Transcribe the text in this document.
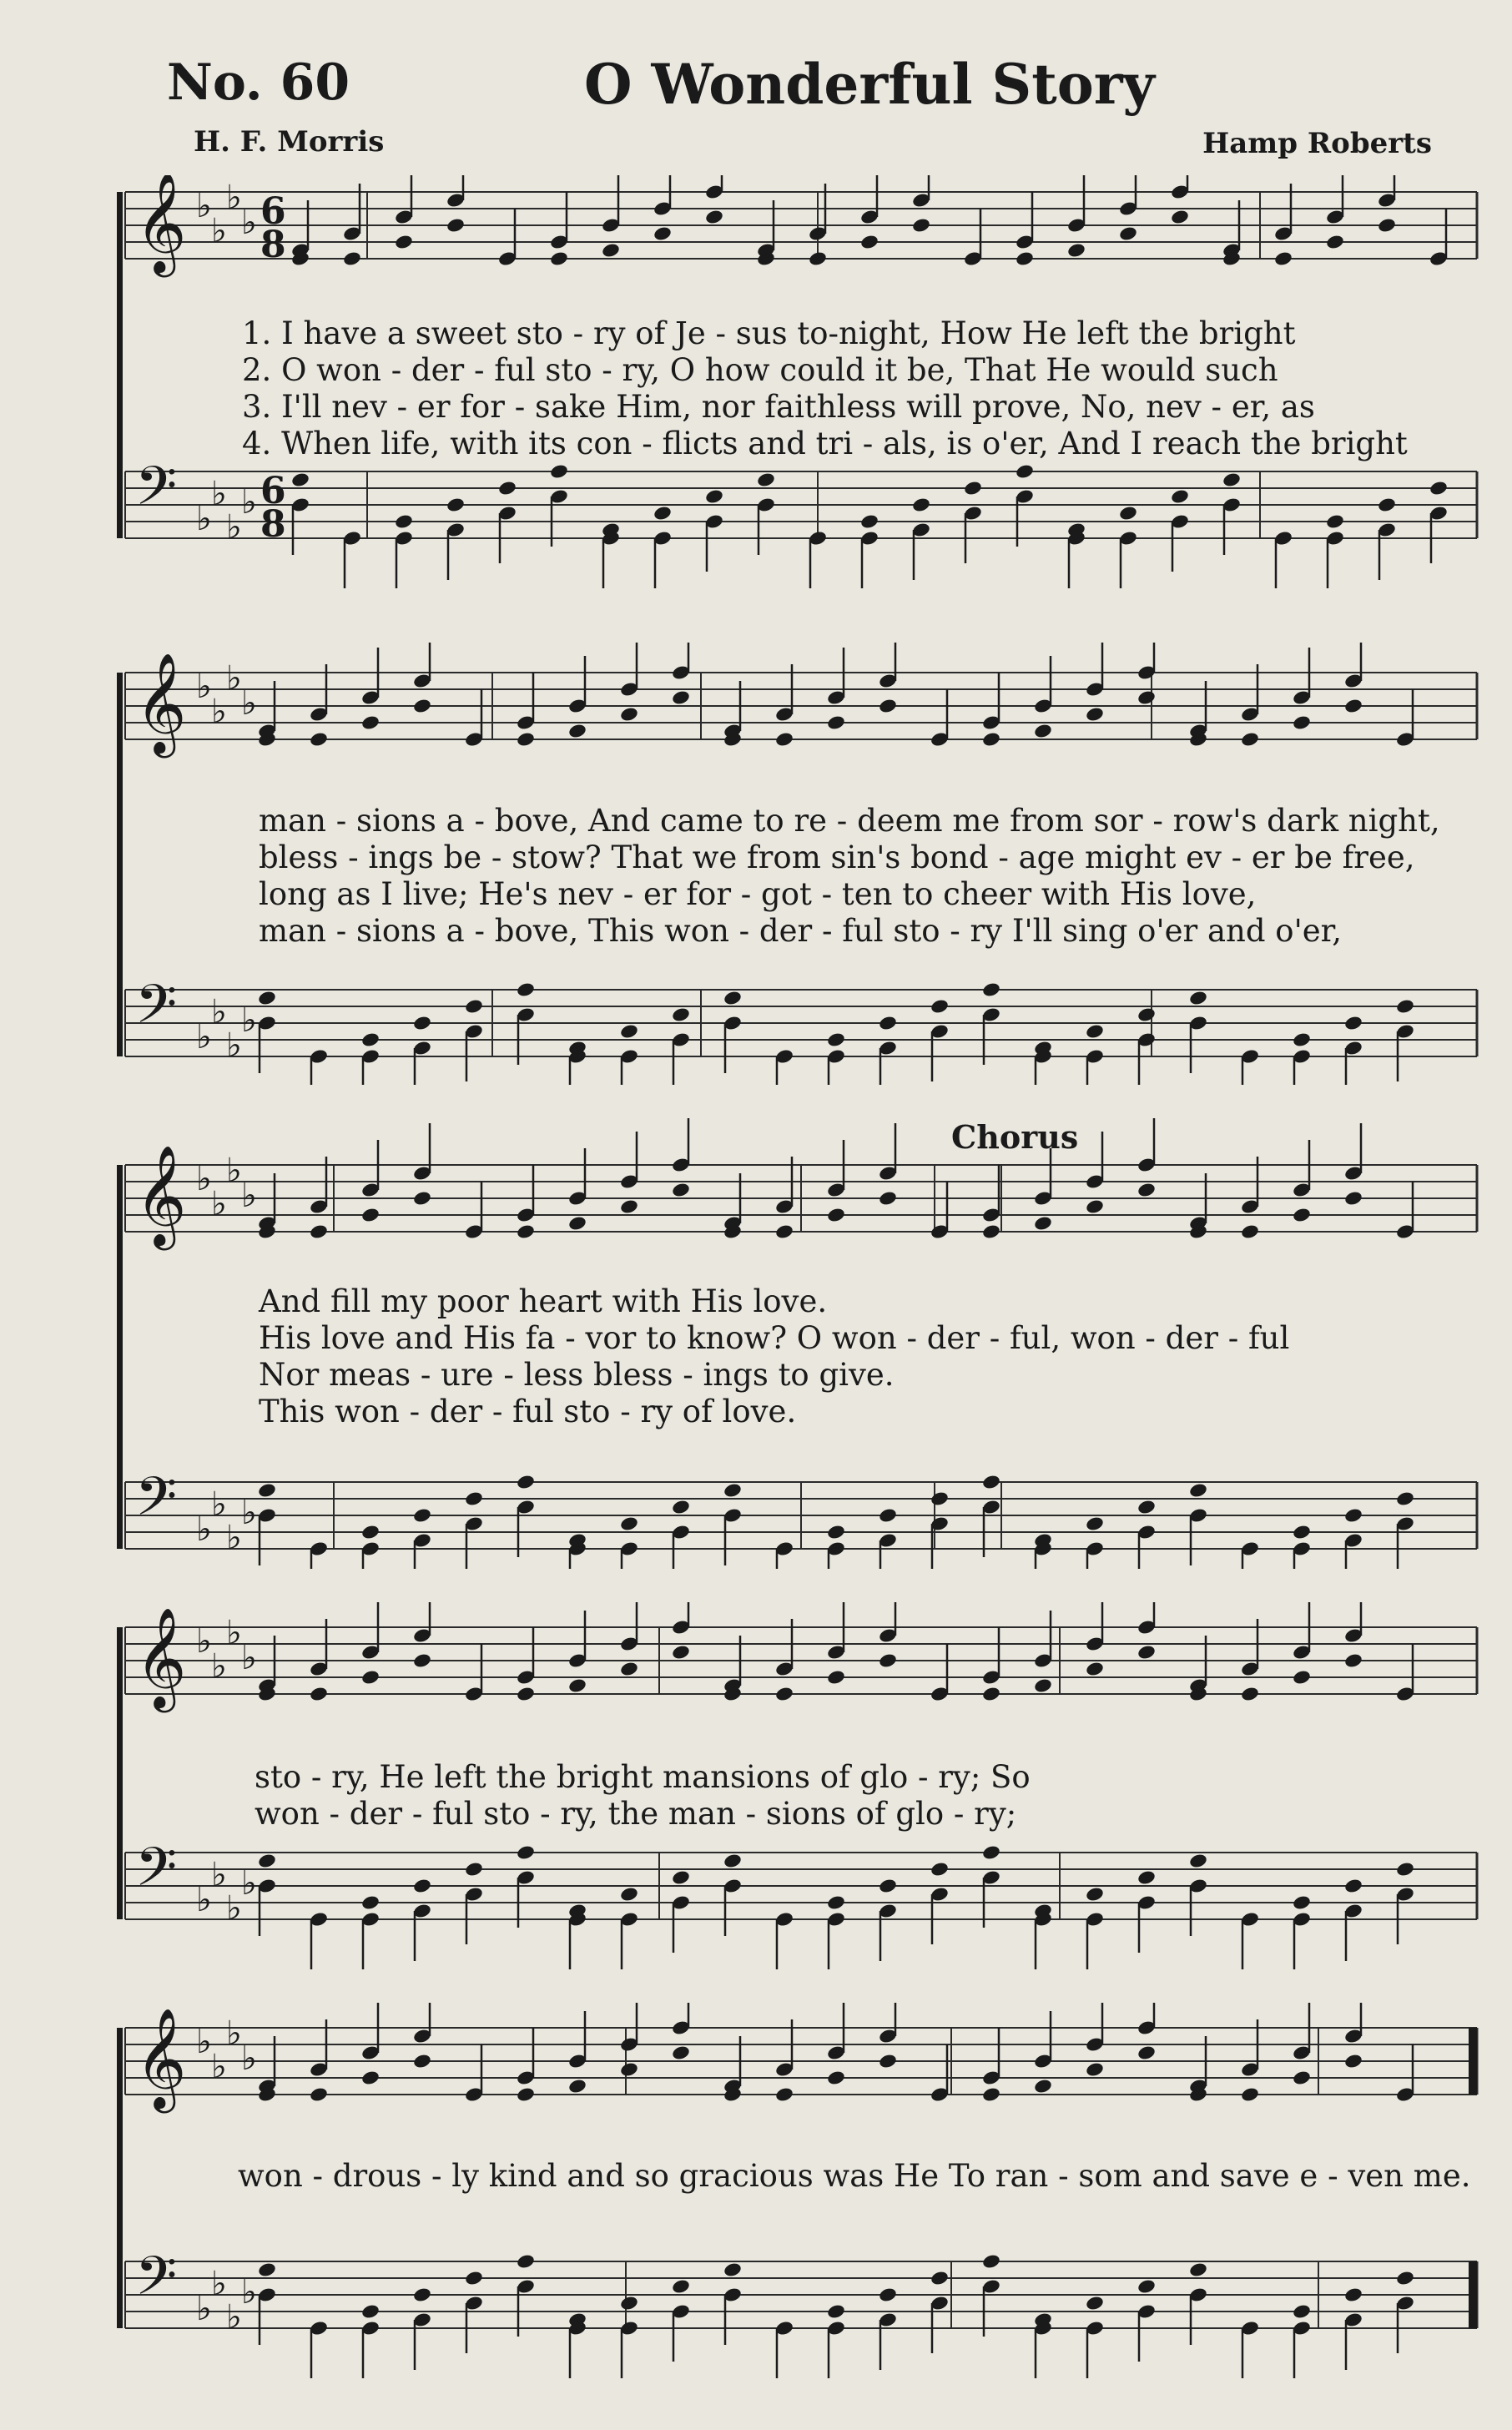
No. 60	O Wonderful Story
H. F. Morris	Hamp Roberts
𝄞 ♭
♭
♭
♭
𝄢 ♭
♭
♭
♭
6
8
6
8
1. I have a sweet sto - ry of Je - sus to-night, How He left the bright
2. O won - der - ful sto - ry, O how could it be, That He would such
3. I'll nev - er for - sake Him, nor faithless will prove, No, nev - er, as
4. When life, with its con - flicts and tri - als, is o'er, And I reach the bright
𝄞 ♭
♭
♭
♭
𝄢 ♭
♭
♭
♭
man - sions a - bove, And came to re - deem me from sor - row's dark night,
bless - ings be - stow? That we from sin's bond - age might ev - er be free,
long as I live; He's nev - er for - got - ten to cheer with His love,
man - sions a - bove, This won - der - ful sto - ry I'll sing o'er and o'er,
Chorus
𝄞 ♭
♭
♭
♭
𝄢 ♭
♭
♭
♭
And fill my poor heart with His love.
His love and His fa - vor to know? O won - der - ful, won - der - ful
Nor meas - ure - less bless - ings to give.
This won - der - ful sto - ry of love.
𝄞 ♭
♭
♭
♭
𝄢 ♭
♭
♭
♭
sto - ry, He left the bright mansions of glo - ry; So
won - der - ful sto - ry, the man - sions of glo - ry;
𝄞 ♭
♭
♭
♭
𝄢 ♭
♭
♭
♭
won - drous - ly kind and so gracious was He To ran - som and save e - ven me.
